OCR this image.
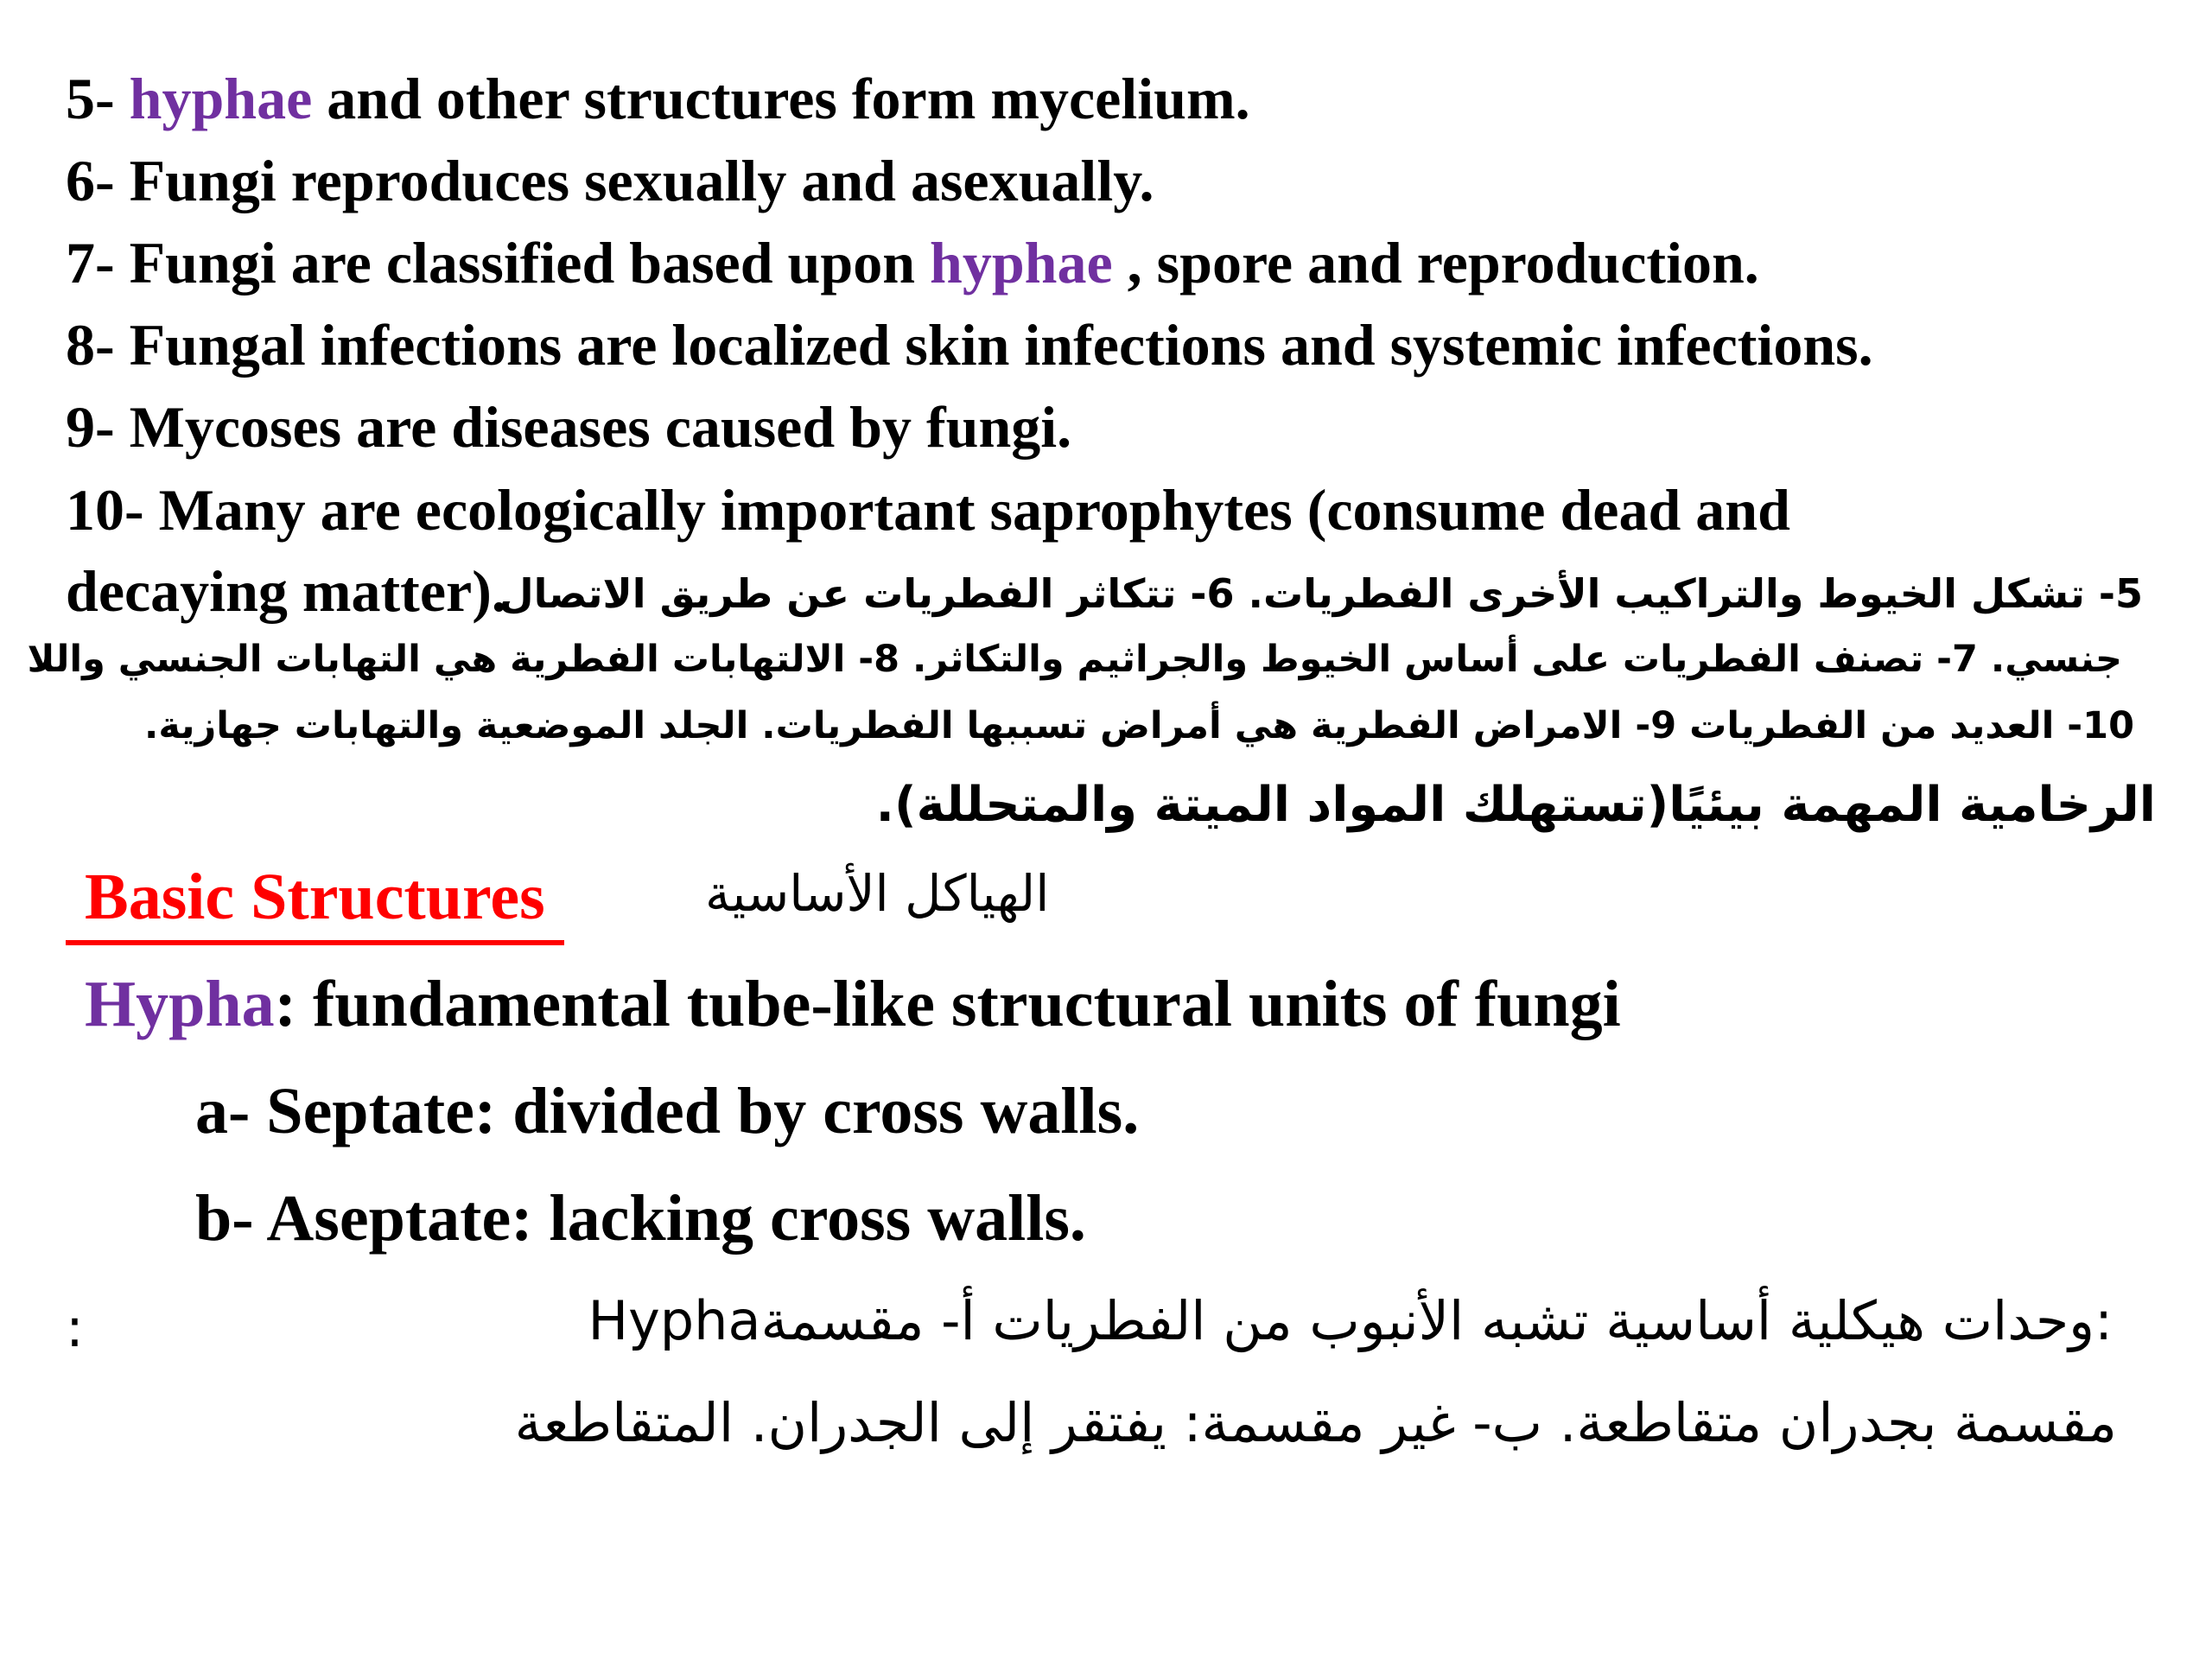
5- hyphae and other structures form mycelium.
6- Fungi reproduces sexually and asexually.
7- Fungi are classified based upon hyphae , spore and reproduction.
8- Fungal infections are localized skin infections and systemic infections.
9- Mycoses are diseases caused by fungi.
10- Many are ecologically important saprophytes (consume dead and
decaying matter).
5- تشكل الخيوط والتراكيب الأخرى الفطريات. 6- تتكاثر الفطريات عن طريق الاتصال
جنسي. 7- تصنف الفطريات على أساس الخيوط والجراثيم والتكاثر. 8- الالتهابات الفطرية هي التهابات الجنسي واللا
10- العديد من الفطريات 9- الامراض الفطرية هي أمراض تسببها الفطريات. الجلد الموضعية والتهابات جهازية.
الرخامية المهمة بيئيًا(تستهلك المواد الميتة والمتحللة).
Basic Structures	الهياكل الأساسية
Hypha: fundamental tube-like structural units of fungi
a- Septate: divided by cross walls.
b- Aseptate: lacking cross walls.
:	Hyphaوحدات هيكلية أساسية تشبه الأنبوب من الفطريات أ- مقسمة:
مقسمة بجدران متقاطعة. ب- غير مقسمة: يفتقر إلى الجدران. المتقاطعة
